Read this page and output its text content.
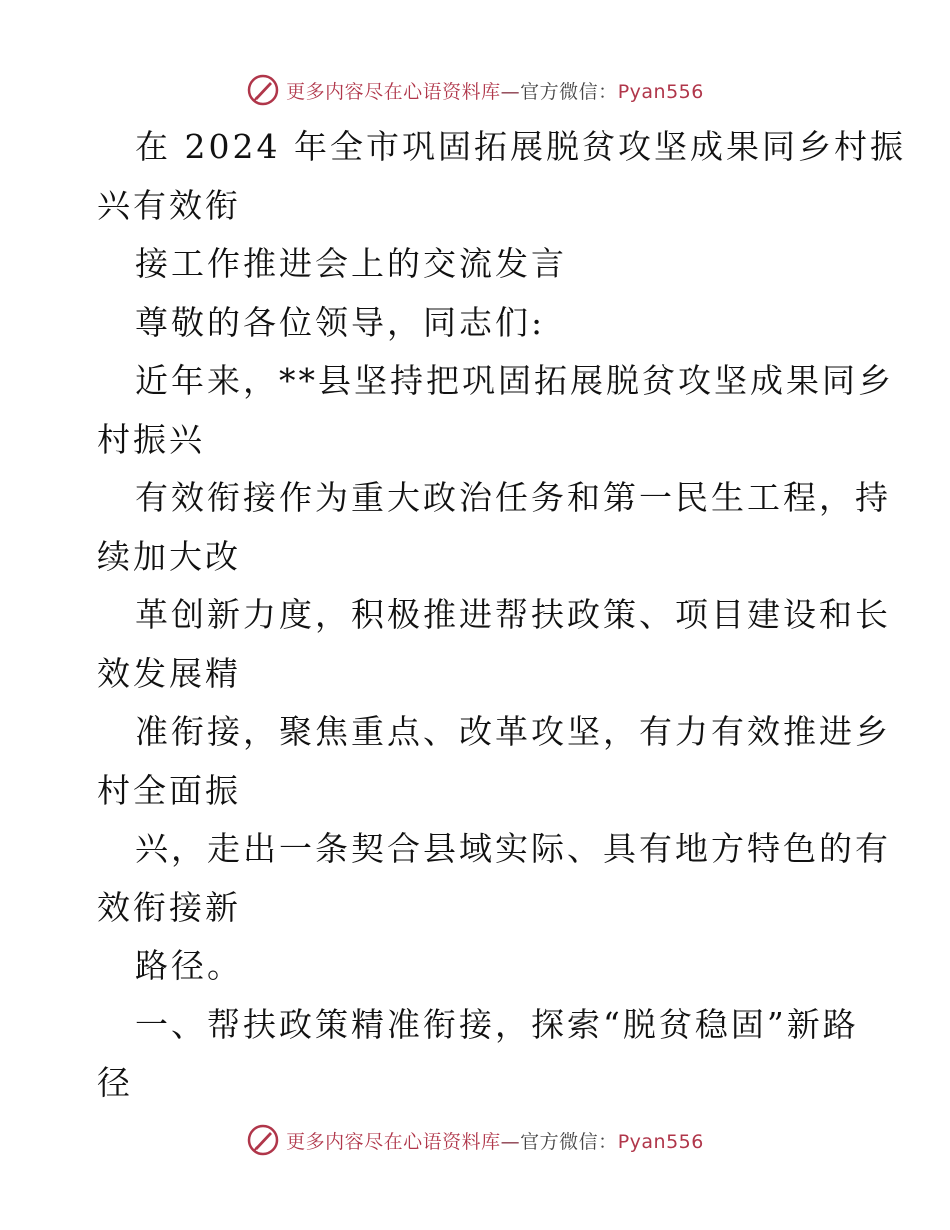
更多内容尽在心语资料库—官方微信：Pyan556
在 2024 年全市巩固拓展脱贫攻坚成果同乡村振
兴有效衔
接工作推进会上的交流发言
尊敬的各位领导，同志们:
近年来，**县坚持把巩固拓展脱贫攻坚成果同乡
村振兴
有效衔接作为重大政治任务和第一民生工程，持
续加大改
革创新力度，积极推进帮扶政策、项目建设和长
效发展精
准衔接，聚焦重点、改革攻坚，有力有效推进乡
村全面振
兴，走出一条契合县域实际、具有地方特色的有
效衔接新
路径。
一、帮扶政策精准衔接，探索“脱贫稳固”新路
径
更多内容尽在心语资料库—官方微信：Pyan556
